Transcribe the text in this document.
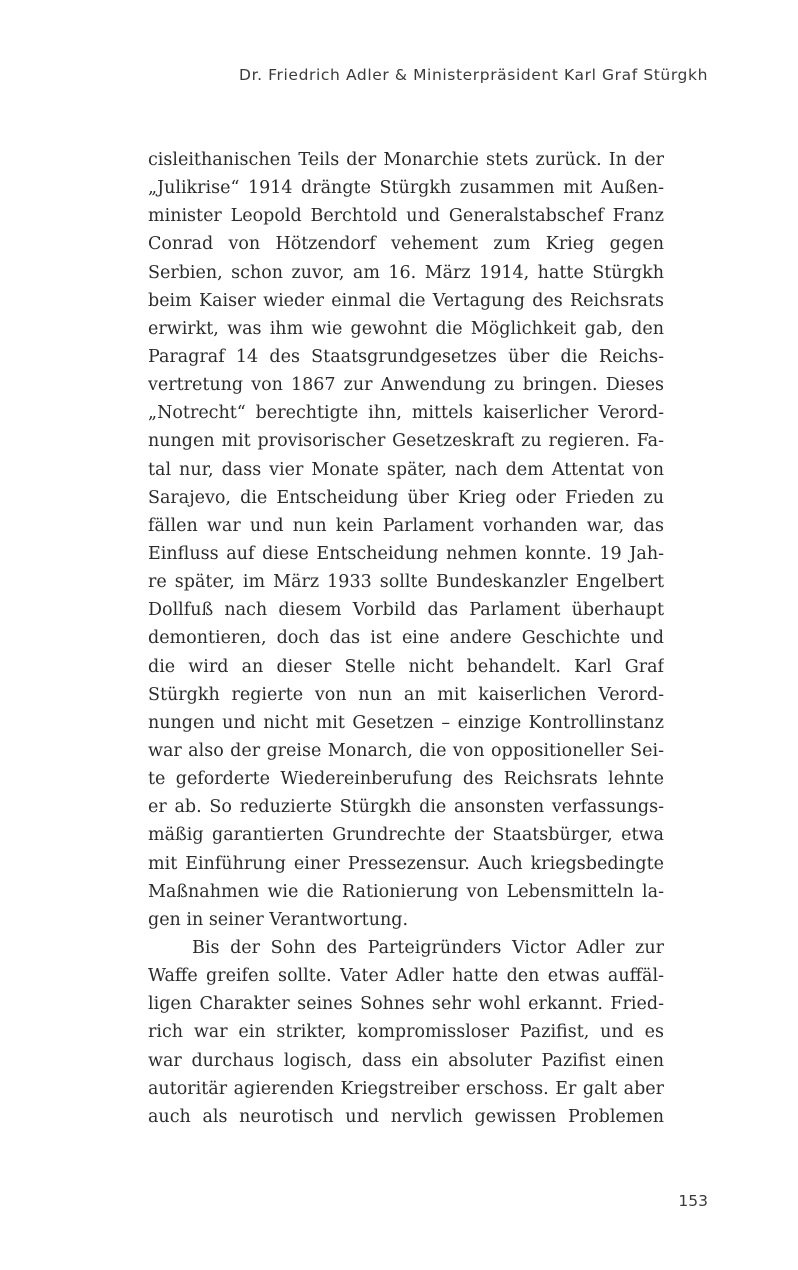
Dr. Friedrich Adler & Ministerpräsident Karl Graf Stürgkh
cisleithanischen Teils der Monarchie stets zurück. In der
„Julikrise“ 1914 drängte Stürgkh zusammen mit Außen-
minister Leopold Berchtold und Generalstabschef Franz
Conrad von Hötzendorf vehement zum Krieg gegen
Serbien, schon zuvor, am 16. März 1914, hatte Stürgkh
beim Kaiser wieder einmal die Vertagung des Reichsrats
erwirkt, was ihm wie gewohnt die Möglichkeit gab, den
Paragraf 14 des Staatsgrundgesetzes über die Reichs-
vertretung von 1867 zur Anwendung zu bringen. Dieses
„Notrecht“ berechtigte ihn, mittels kaiserlicher Verord-
nungen mit provisorischer Gesetzeskraft zu regieren. Fa-
tal nur, dass vier Monate später, nach dem Attentat von
Sarajevo, die Entscheidung über Krieg oder Frieden zu
fällen war und nun kein Parlament vorhanden war, das
Einfluss auf diese Entscheidung nehmen konnte. 19 Jah-
re später, im März 1933 sollte Bundeskanzler Engelbert
Dollfuß nach diesem Vorbild das Parlament überhaupt
demontieren, doch das ist eine andere Geschichte und
die wird an dieser Stelle nicht behandelt. Karl Graf
Stürgkh regierte von nun an mit kaiserlichen Verord-
nungen und nicht mit Gesetzen – einzige Kontrollinstanz
war also der greise Monarch, die von oppositioneller Sei-
te geforderte Wiedereinberufung des Reichsrats lehnte
er ab. So reduzierte Stürgkh die ansonsten verfassungs-
mäßig garantierten Grundrechte der Staatsbürger, etwa
mit Einführung einer Pressezensur. Auch kriegsbedingte
Maßnahmen wie die Rationierung von Lebensmitteln la-
gen in seiner Verantwortung.
Bis der Sohn des Parteigründers Victor Adler zur
Waffe greifen sollte. Vater Adler hatte den etwas auffäl-
ligen Charakter seines Sohnes sehr wohl erkannt. Fried-
rich war ein strikter, kompromissloser Pazifist, und es
war durchaus logisch, dass ein absoluter Pazifist einen
autoritär agierenden Kriegstreiber erschoss. Er galt aber
auch als neurotisch und nervlich gewissen Problemen
153
